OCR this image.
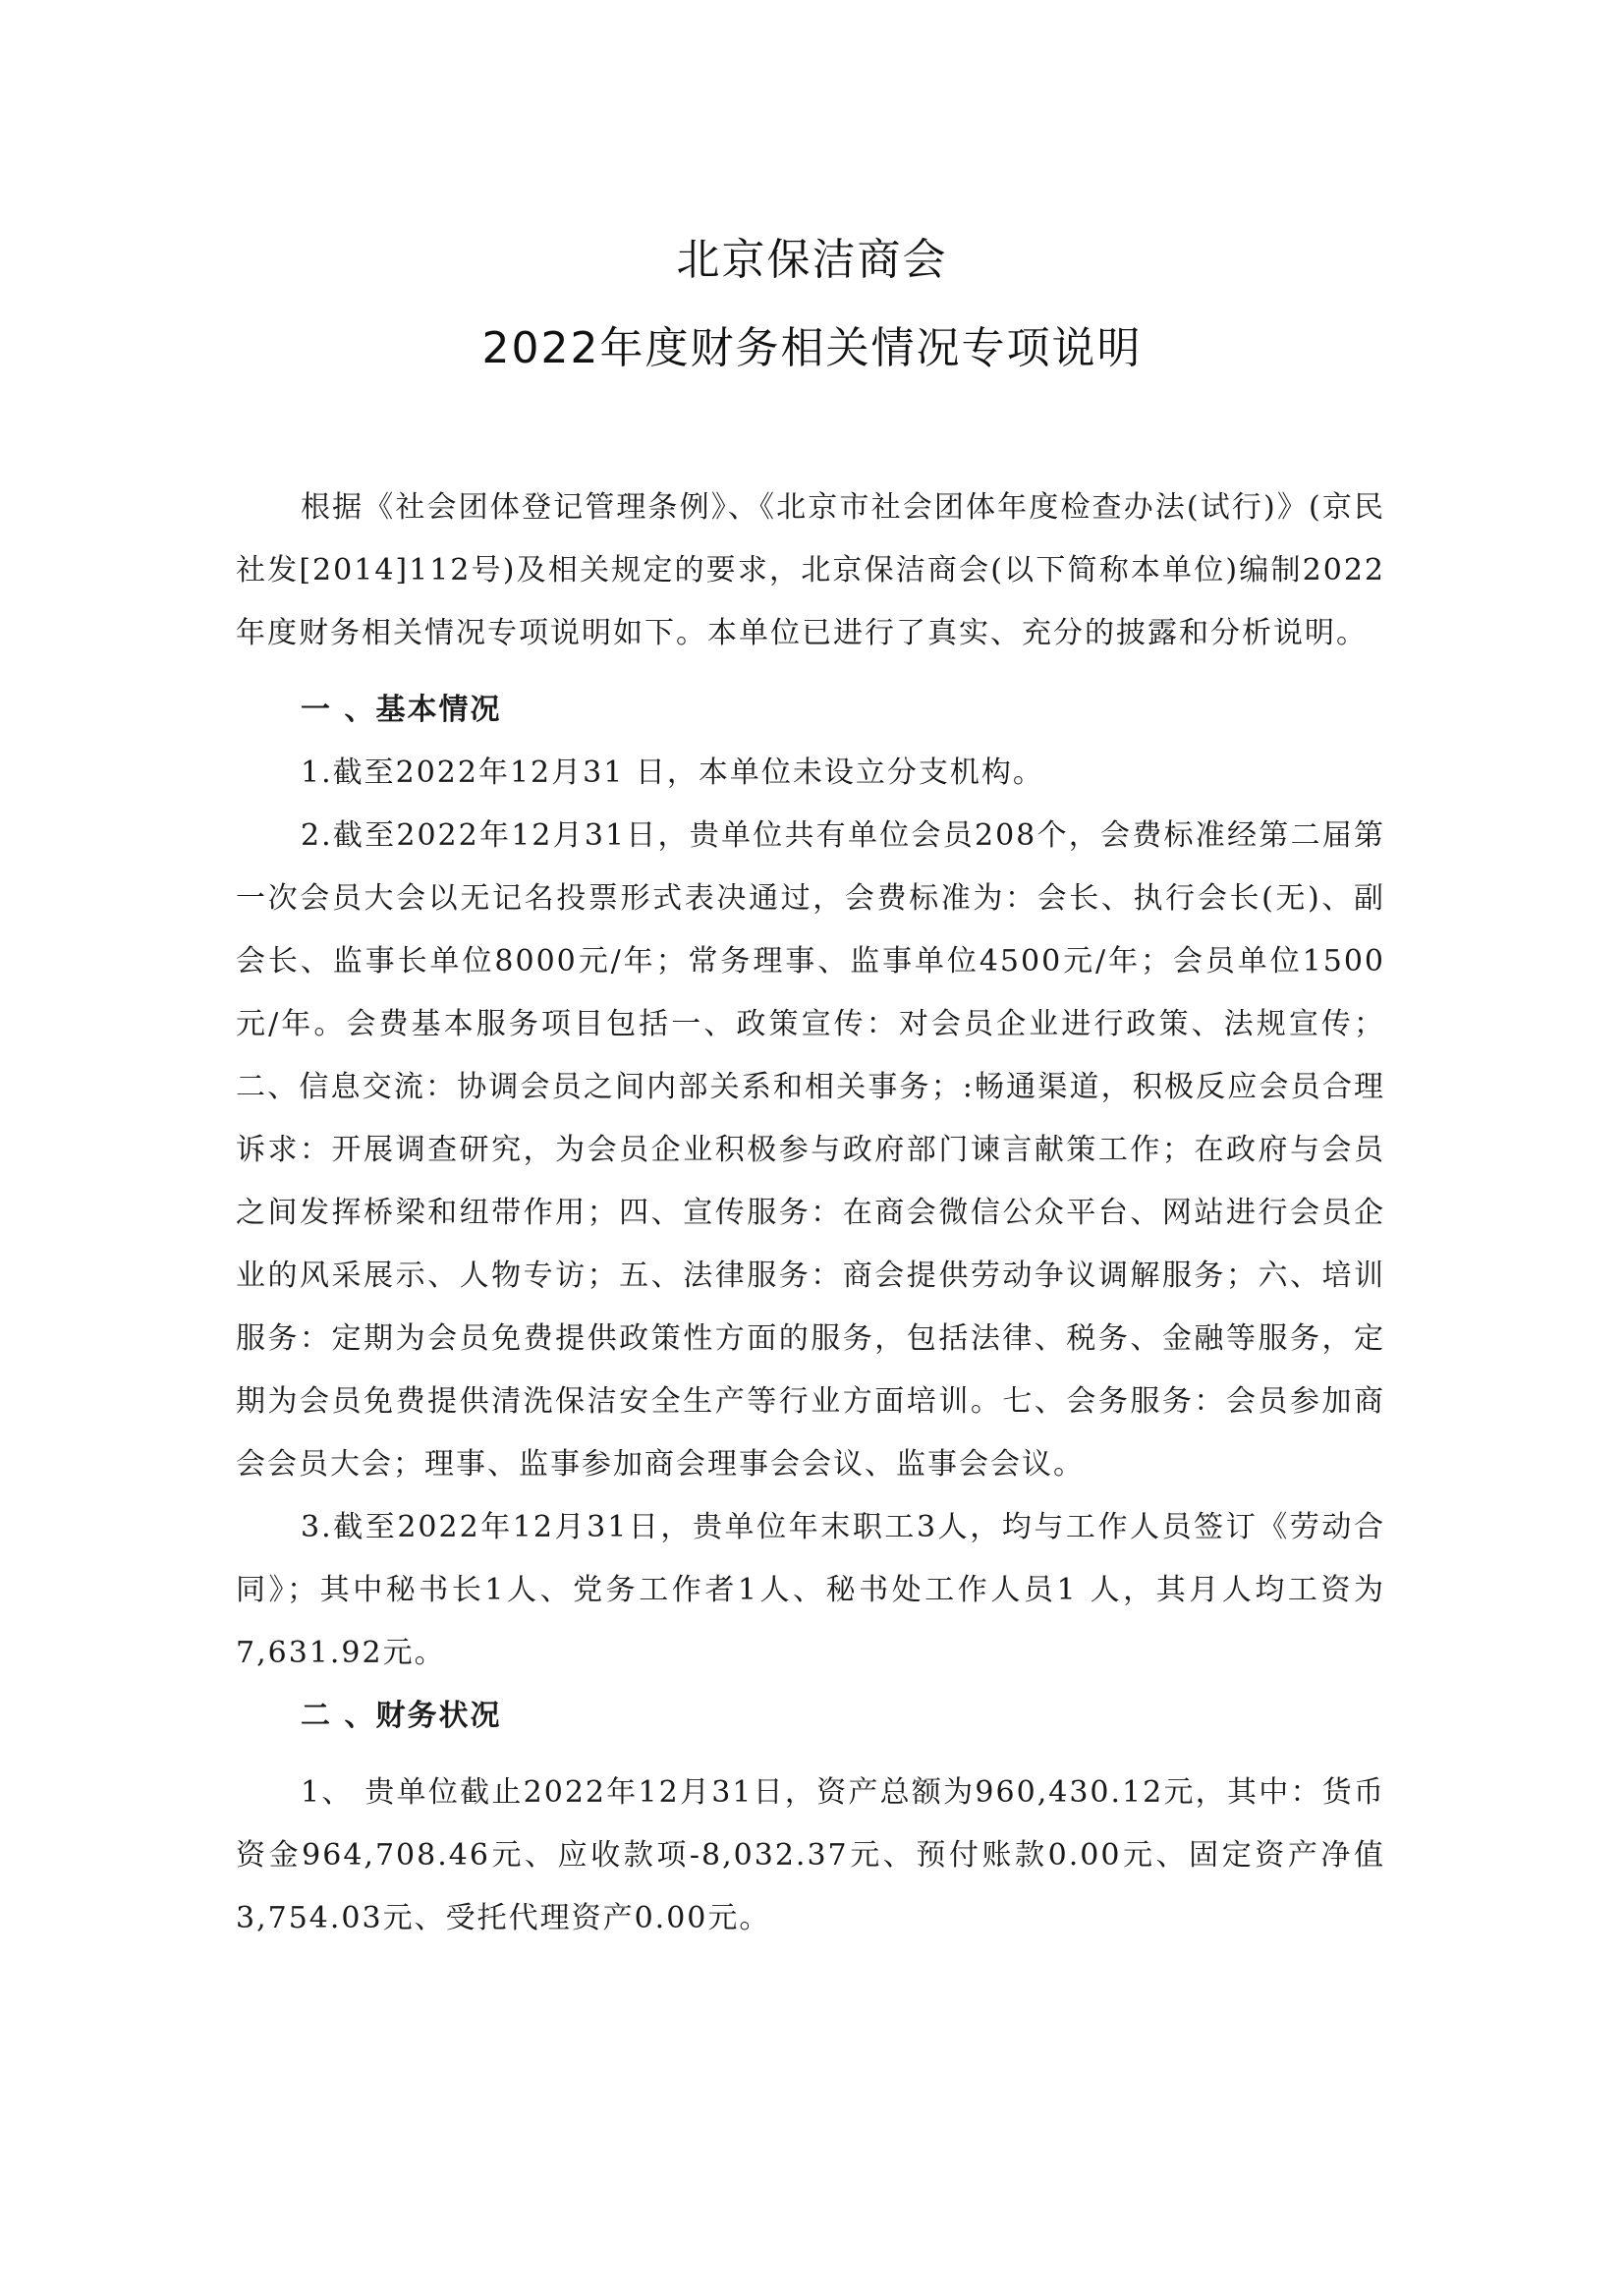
北京保洁商会
2022年度财务相关情况专项说明

根据《社会团体登记管理条例》、《北京市社会团体年度检查办法(试行)》(京民社发[2014]112号)及相关规定的要求，北京保洁商会(以下简称本单位)编制2022年度财务相关情况专项说明如下。本单位已进行了真实、充分的披露和分析说明。

一 、基本情况

1.截至2022年12月31 日，本单位未设立分支机构。

2.截至2022年12月31日，贵单位共有单位会员208个，会费标准经第二届第一次会员大会以无记名投票形式表决通过，会费标准为：会长、执行会长(无)、副会长、监事长单位8000元/年；常务理事、监事单位4500元/年；会员单位1500元/年。会费基本服务项目包括一、政策宣传：对会员企业进行政策、法规宣传；二、信息交流：协调会员之间内部关系和相关事务；:畅通渠道，积极反应会员合理诉求：开展调查研究，为会员企业积极参与政府部门谏言献策工作；在政府与会员之间发挥桥梁和纽带作用；四、宣传服务：在商会微信公众平台、网站进行会员企业的风采展示、人物专访；五、法律服务：商会提供劳动争议调解服务；六、培训服务：定期为会员免费提供政策性方面的服务，包括法律、税务、金融等服务，定期为会员免费提供清洗保洁安全生产等行业方面培训。七、会务服务：会员参加商会会员大会；理事、监事参加商会理事会会议、监事会会议。

3.截至2022年12月31日，贵单位年末职工3人，均与工作人员签订《劳动合同》；其中秘书长1人、党务工作者1人、秘书处工作人员1 人，其月人均工资为7,631.92元。

二 、财务状况

1、 贵单位截止2022年12月31日，资产总额为960,430.12元，其中：货币资金964,708.46元、应收款项-8,032.37元、预付账款0.00元、固定资产净值3,754.03元、受托代理资产0.00元。
